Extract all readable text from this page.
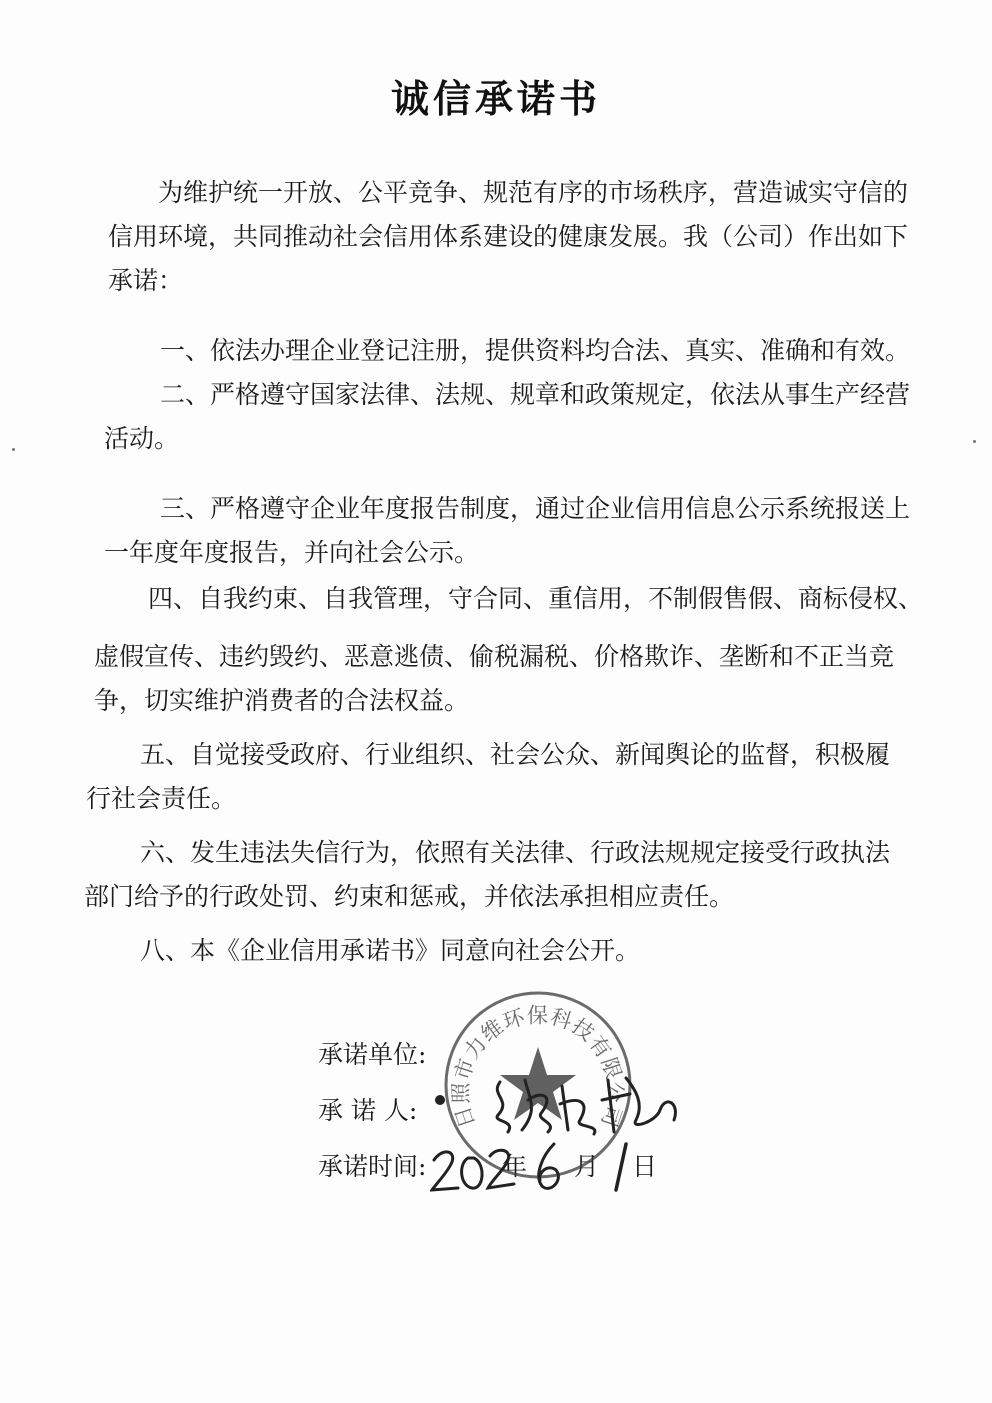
诚信承诺书
为维护统一开放、公平竞争、规范有序的市场秩序，营造诚实守信的
信用环境，共同推动社会信用体系建设的健康发展。我（公司）作出如下
承诺：
一、依法办理企业登记注册，提供资料均合法、真实、准确和有效。
二、严格遵守国家法律、法规、规章和政策规定，依法从事生产经营
活动。
三、严格遵守企业年度报告制度，通过企业信用信息公示系统报送上
一年度年度报告，并向社会公示。
四、自我约束、自我管理，守合同、重信用，不制假售假、商标侵权、
虚假宣传、违约毁约、恶意逃债、偷税漏税、价格欺诈、垄断和不正当竞
争，切实维护消费者的合法权益。
五、自觉接受政府、行业组织、社会公众、新闻舆论的监督，积极履
行社会责任。
六、发生违法失信行为，依照有关法律、行政法规规定接受行政执法
部门给予的行政处罚、约束和惩戒，并依法承担相应责任。
八、本《企业信用承诺书》同意向社会公开。
承诺单位:
承 诺 人:
承诺时间:	年 月 日
日照市力维环保科技有限公司
